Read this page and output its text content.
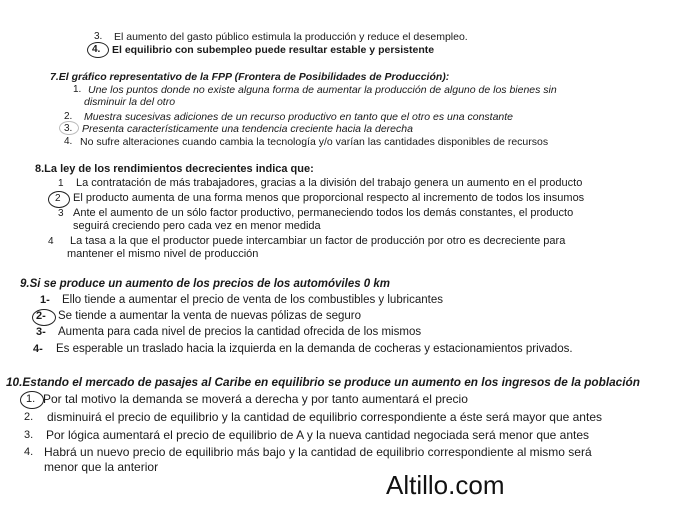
3. El aumento del gasto público estimula la producción y reduce el desempleo.
4. El equilibrio con subempleo puede resultar estable y persistente
7.El gráfico representativo de la FPP (Frontera de Posibilidades de Producción):
1. Une los puntos donde no existe alguna forma de aumentar la producción de alguno de los bienes sin
disminuir la del otro
2. Muestra sucesivas adiciones de un recurso productivo en tanto que el otro es una constante
3. Presenta característicamente una tendencia creciente hacia la derecha
4. No sufre alteraciones cuando cambia la tecnología y/o varían las cantidades disponibles de recursos
8.La ley de los rendimientos decrecientes indica que:
1 La contratación de más trabajadores, gracias a la división del trabajo genera un aumento en el producto
2 El producto aumenta de una forma menos que proporcional respecto al incremento de todos los insumos
3 Ante el aumento de un sólo factor productivo, permaneciendo todos los demás constantes, el producto
seguirá creciendo pero cada vez en menor medida
4 La tasa a la que el productor puede intercambiar un factor de producción por otro es decreciente para
mantener el mismo nivel de producción
9.Si se produce un aumento de los precios de los automóviles 0 km
1- Ello tiende a aumentar el precio de venta de los combustibles y lubricantes
2- Se tiende a aumentar la venta de nuevas pólizas de seguro
3- Aumenta para cada nivel de precios la cantidad ofrecida de los mismos
4- Es esperable un traslado hacia la izquierda en la demanda de cocheras y estacionamientos privados.
10.Estando el mercado de pasajes al Caribe en equilibrio se produce un aumento en los ingresos de la población
1. Por tal motivo la demanda se moverá a derecha y por tanto aumentará el precio
2. disminuirá el precio de equilibrio y la cantidad de equilibrio correspondiente a éste será mayor que antes
3. Por lógica aumentará el precio de equilibrio de A y la nueva cantidad negociada será menor que antes
4. Habrá un nuevo precio de equilibrio más bajo y la cantidad de equilibrio correspondiente al mismo será
menor que la anterior
Altillo.com
